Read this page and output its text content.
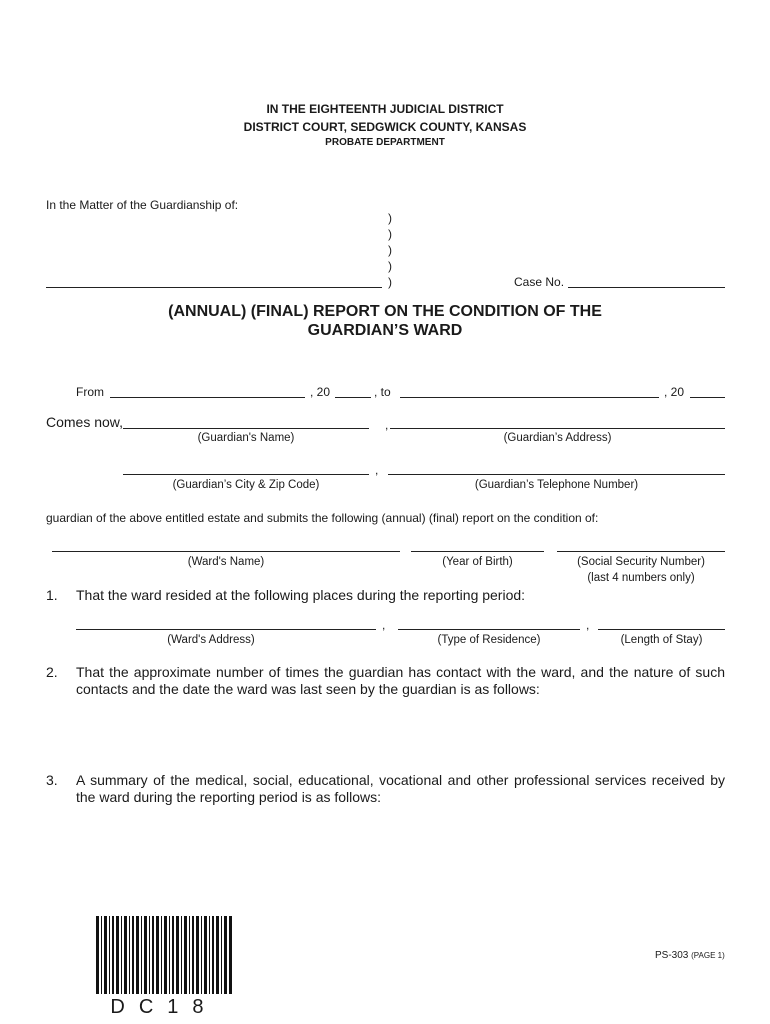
IN THE EIGHTEENTH JUDICIAL DISTRICT
DISTRICT COURT, SEDGWICK COUNTY, KANSAS
PROBATE DEPARTMENT
In the Matter of the Guardianship of:
)
)
)
)
)	Case No.
(ANNUAL) (FINAL) REPORT ON THE CONDITION OF THE
GUARDIAN’S WARD
From	, 20	, to	, 20
Comes now,	,
(Guardian's Name)	(Guardian’s Address)
,
(Guardian’s City & Zip Code)	(Guardian’s Telephone Number)
guardian of the above entitled estate and submits the following (annual) (final) report on the condition of:
(Ward's Name)	(Year of Birth)	(Social Security Number)
(last 4 numbers only)
1. That the ward resided at the following places during the reporting period:
,	,
(Ward's Address)	(Type of Residence)	(Length of Stay)
2. That the approximate number of times the guardian has contact with the ward, and the nature of such contacts and the date the ward was last seen by the guardian is as follows:
3. A summary of the medical, social, educational, vocational and other professional services received by the ward during the reporting period is as follows:
DC18
PS-303 (PAGE 1)
